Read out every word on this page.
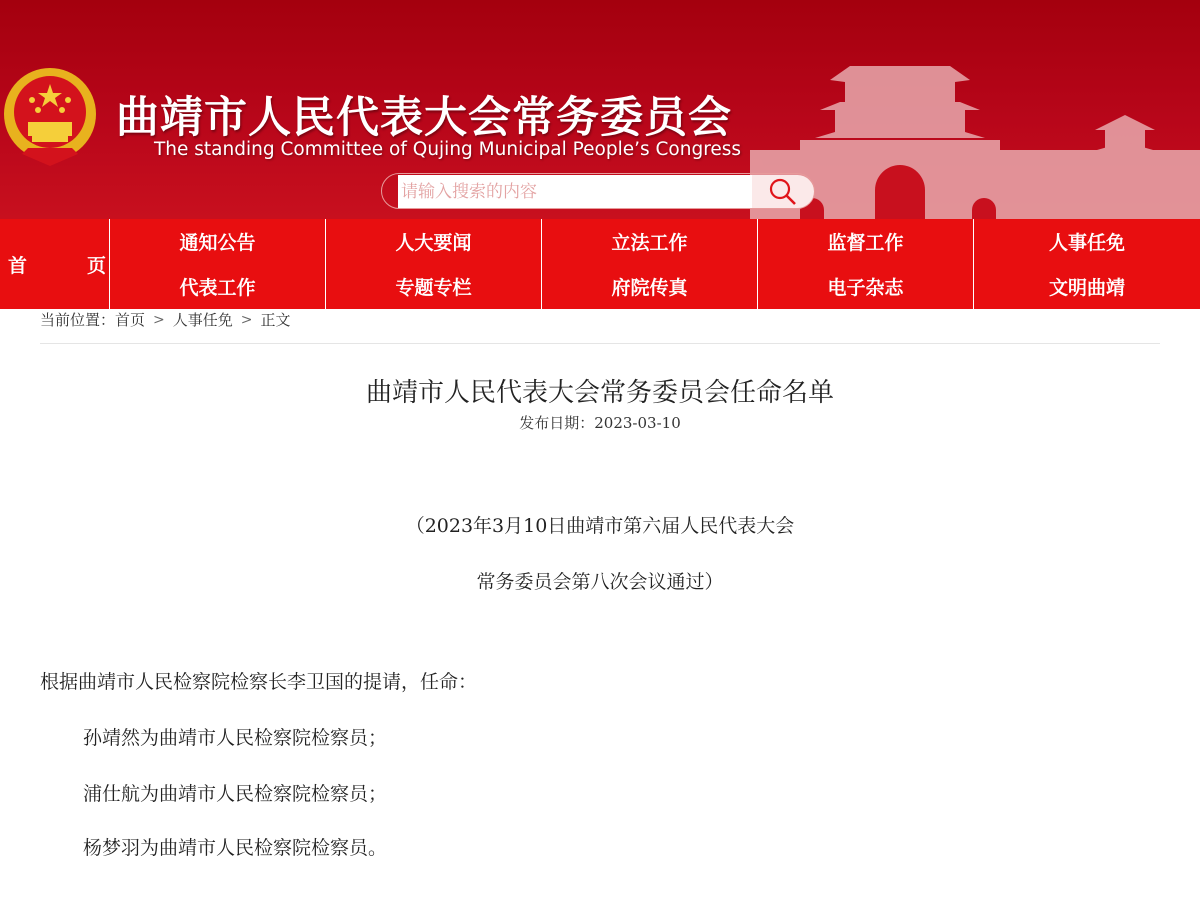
曲靖市人民代表大会常务委员会
The standing Committee of Qujing Municipal People’s Congress
请输入搜索的内容
首	页
通知公告
代表工作
人大要闻
专题专栏
立法工作
府院传真
监督工作
电子杂志
人事任免
文明曲靖
当前位置： 首页 > 人事任免 > 正文
曲靖市人民代表大会常务委员会任命名单
发布日期：2023-03-10
（2023年3月10日曲靖市第六届人民代表大会
常务委员会第八次会议通过）
根据曲靖市人民检察院检察长李卫国的提请，任命：
孙靖然为曲靖市人民检察院检察员；
浦仕航为曲靖市人民检察院检察员；
杨梦羽为曲靖市人民检察院检察员。
